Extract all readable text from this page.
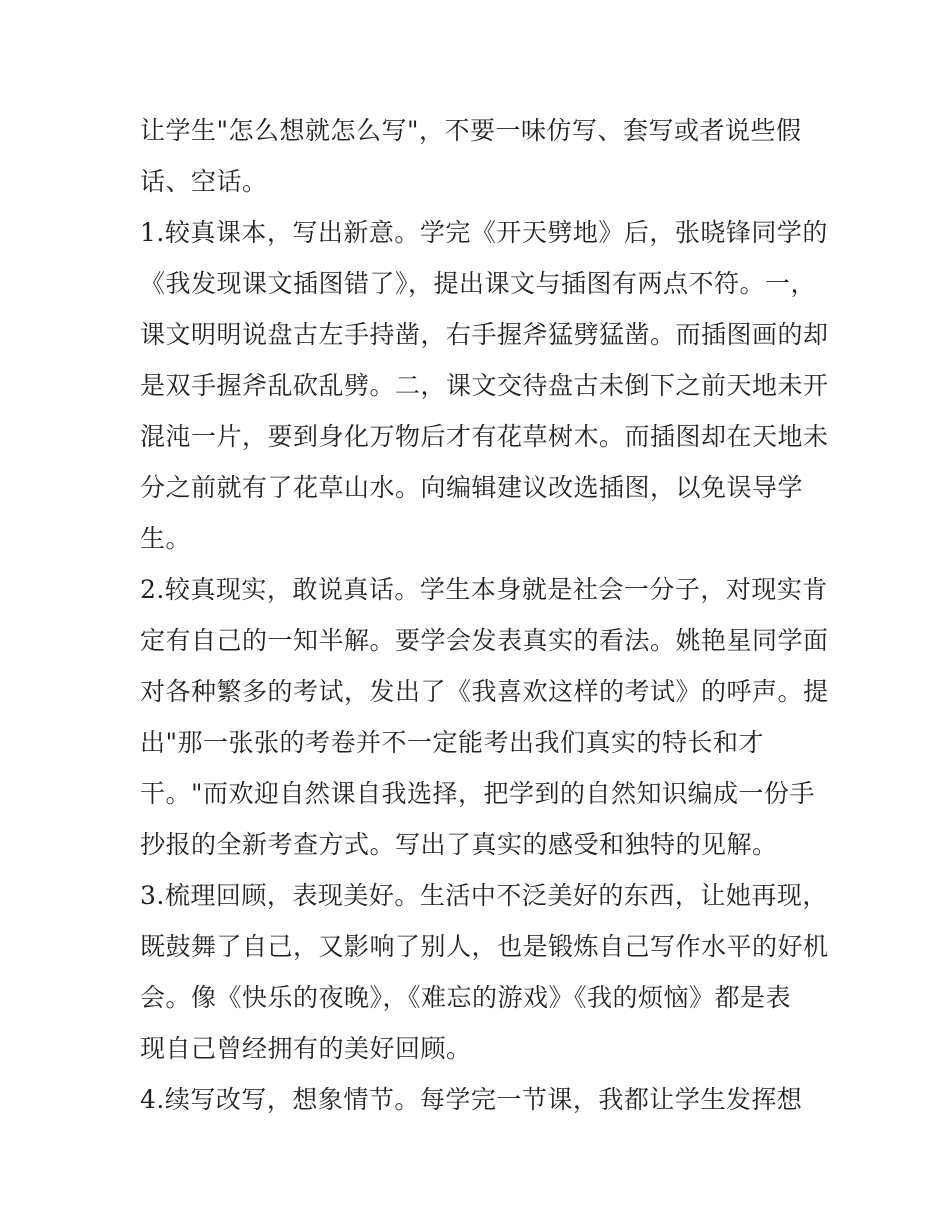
让学生"怎么想就怎么写"，不要一味仿写、套写或者说些假
话、空话。
1.较真课本，写出新意。学完《开天劈地》后，张晓锋同学的
《我发现课文插图错了》，提出课文与插图有两点不符。一，
课文明明说盘古左手持凿，右手握斧猛劈猛凿。而插图画的却
是双手握斧乱砍乱劈。二，课文交待盘古未倒下之前天地未开
混沌一片，要到身化万物后才有花草树木。而插图却在天地未
分之前就有了花草山水。向编辑建议改选插图，以免误导学
生。
2.较真现实，敢说真话。学生本身就是社会一分子，对现实肯
定有自己的一知半解。要学会发表真实的看法。姚艳星同学面
对各种繁多的考试，发出了《我喜欢这样的考试》的呼声。提
出"那一张张的考卷并不一定能考出我们真实的特长和才
干。"而欢迎自然课自我选择，把学到的自然知识编成一份手
抄报的全新考查方式。写出了真实的感受和独特的见解。
3.梳理回顾，表现美好。生活中不泛美好的东西，让她再现，
既鼓舞了自己，又影响了别人，也是锻炼自己写作水平的好机
会。像《快乐的夜晚》，《难忘的游戏》《我的烦恼》都是表
现自己曾经拥有的美好回顾。
4.续写改写，想象情节。每学完一节课，我都让学生发挥想
